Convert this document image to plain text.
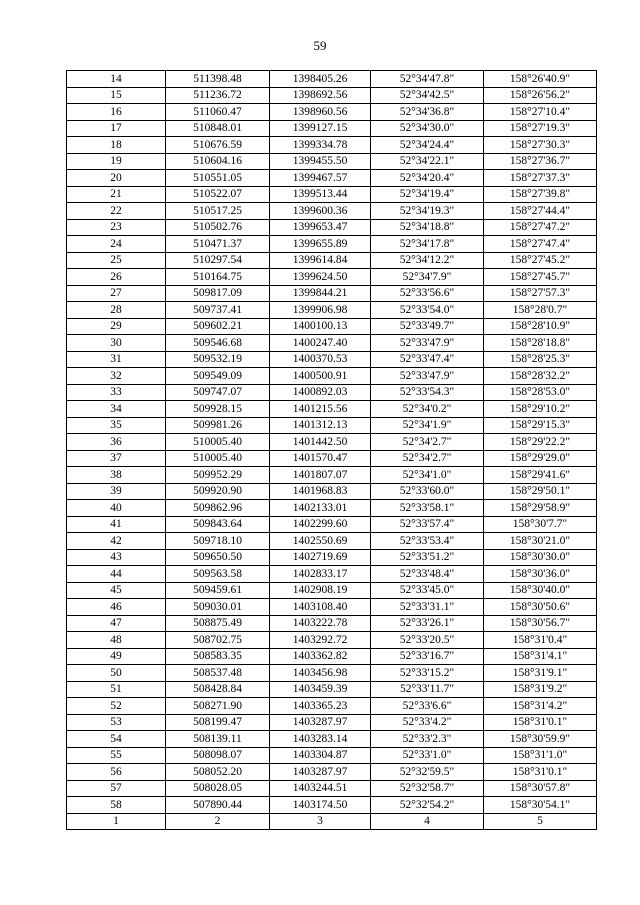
59
14	511398.48	1398405.26	52°34'47.8"	158°26'40.9"
15	511236.72	1398692.56	52°34'42.5"	158°26'56.2"
16	511060.47	1398960.56	52°34'36.8"	158°27'10.4"
17	510848.01	1399127.15	52°34'30.0"	158°27'19.3"
18	510676.59	1399334.78	52°34'24.4"	158°27'30.3"
19	510604.16	1399455.50	52°34'22.1"	158°27'36.7"
20	510551.05	1399467.57	52°34'20.4"	158°27'37.3"
21	510522.07	1399513.44	52°34'19.4"	158°27'39.8"
22	510517.25	1399600.36	52°34'19.3"	158°27'44.4"
23	510502.76	1399653.47	52°34'18.8"	158°27'47.2"
24	510471.37	1399655.89	52°34'17.8"	158°27'47.4"
25	510297.54	1399614.84	52°34'12.2"	158°27'45.2"
26	510164.75	1399624.50	52°34'7.9"	158°27'45.7"
27	509817.09	1399844.21	52°33'56.6"	158°27'57.3"
28	509737.41	1399906.98	52°33'54.0"	158°28'0.7"
29	509602.21	1400100.13	52°33'49.7"	158°28'10.9"
30	509546.68	1400247.40	52°33'47.9"	158°28'18.8"
31	509532.19	1400370.53	52°33'47.4"	158°28'25.3"
32	509549.09	1400500.91	52°33'47.9"	158°28'32.2"
33	509747.07	1400892.03	52°33'54.3"	158°28'53.0"
34	509928.15	1401215.56	52°34'0.2"	158°29'10.2"
35	509981.26	1401312.13	52°34'1.9"	158°29'15.3"
36	510005.40	1401442.50	52°34'2.7"	158°29'22.2"
37	510005.40	1401570.47	52°34'2.7"	158°29'29.0"
38	509952.29	1401807.07	52°34'1.0"	158°29'41.6"
39	509920.90	1401968.83	52°33'60.0"	158°29'50.1"
40	509862.96	1402133.01	52°33'58.1"	158°29'58.9"
41	509843.64	1402299.60	52°33'57.4"	158°30'7.7"
42	509718.10	1402550.69	52°33'53.4"	158°30'21.0"
43	509650.50	1402719.69	52°33'51.2"	158°30'30.0"
44	509563.58	1402833.17	52°33'48.4"	158°30'36.0"
45	509459.61	1402908.19	52°33'45.0"	158°30'40.0"
46	509030.01	1403108.40	52°33'31.1"	158°30'50.6"
47	508875.49	1403222.78	52°33'26.1"	158°30'56.7"
48	508702.75	1403292.72	52°33'20.5"	158°31'0.4"
49	508583.35	1403362.82	52°33'16.7"	158°31'4.1"
50	508537.48	1403456.98	52°33'15.2"	158°31'9.1"
51	508428.84	1403459.39	52°33'11.7"	158°31'9.2"
52	508271.90	1403365.23	52°33'6.6"	158°31'4.2"
53	508199.47	1403287.97	52°33'4.2"	158°31'0.1"
54	508139.11	1403283.14	52°33'2.3"	158°30'59.9"
55	508098.07	1403304.87	52°33'1.0"	158°31'1.0"
56	508052.20	1403287.97	52°32'59.5"	158°31'0.1"
57	508028.05	1403244.51	52°32'58.7"	158°30'57.8"
58	507890.44	1403174.50	52°32'54.2"	158°30'54.1"
1	2	3	4	5
